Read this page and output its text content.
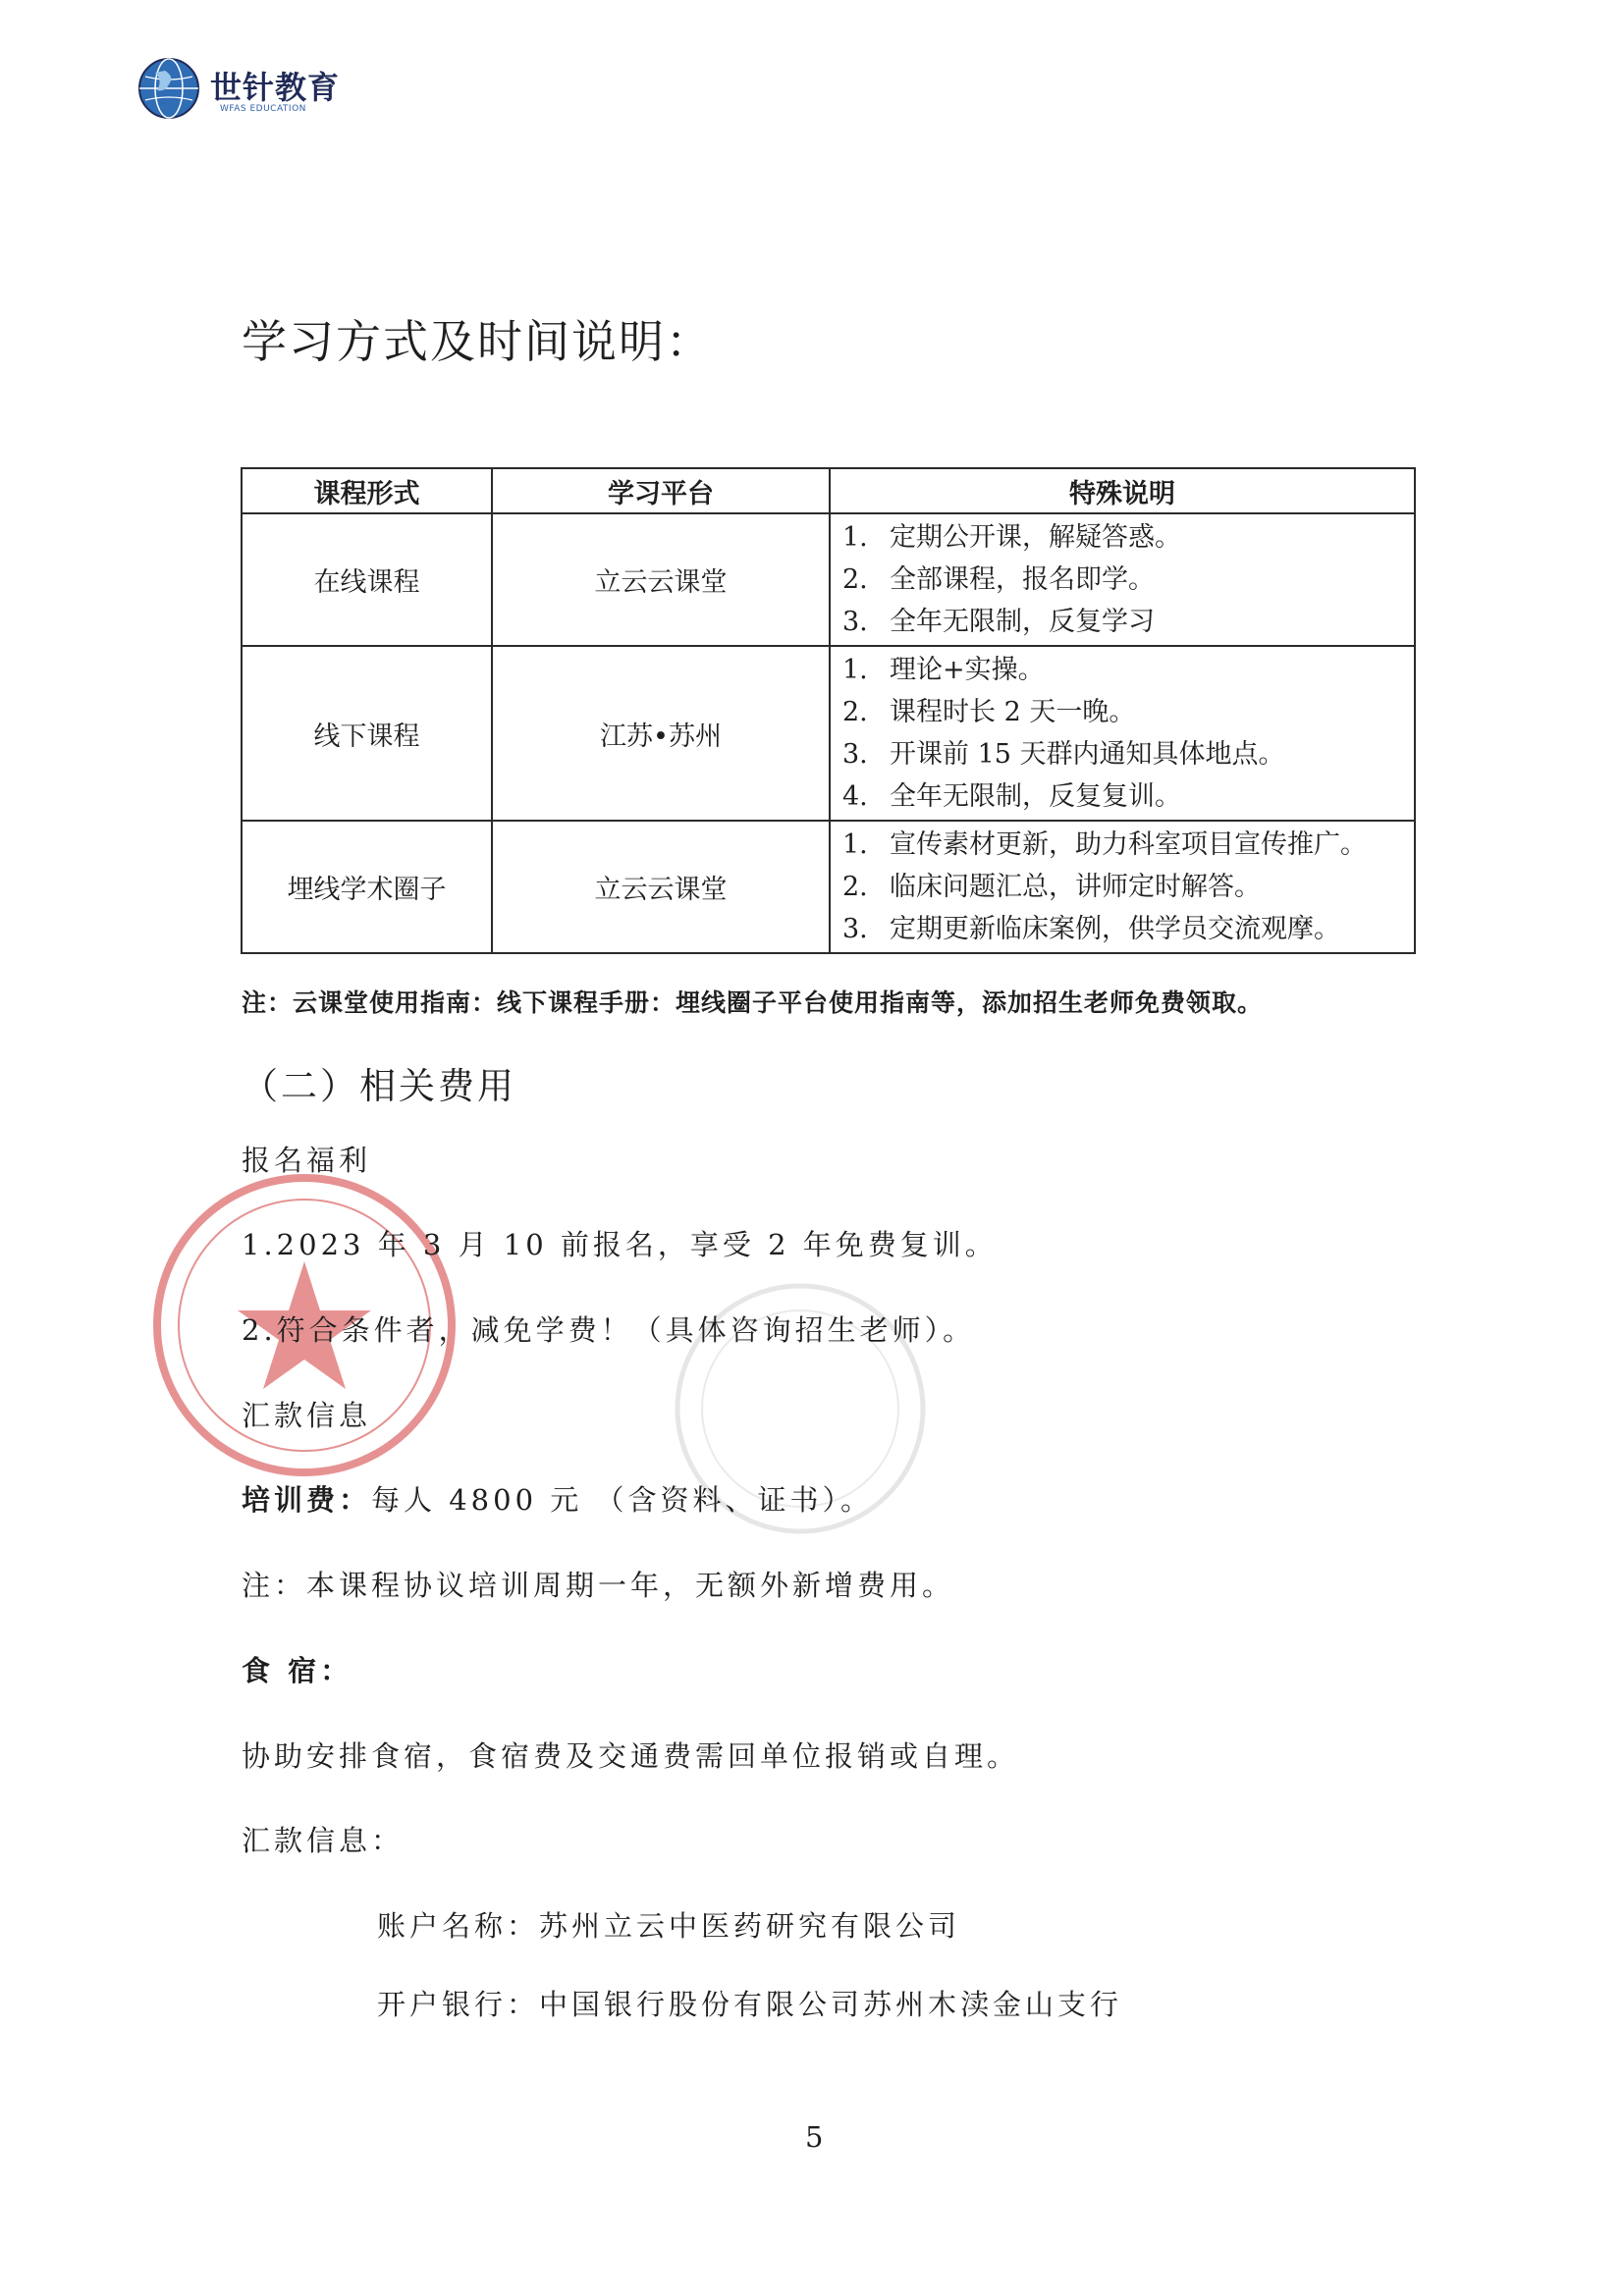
世针教育
WFAS EDUCATION
学习方式及时间说明：
课程形式	学习平台	特殊说明
在线课程	立云云课堂	1. 定期公开课，解疑答惑。
2. 全部课程，报名即学。
3. 全年无限制，反复学习

线下课程	江苏•苏州	1. 理论+实操。
2. 课程时长 2 天一晚。
3. 开课前 15 天群内通知具体地点。
4. 全年无限制，反复复训。

埋线学术圈子	立云云课堂	1. 宣传素材更新，助力科室项目宣传推广。
2. 临床问题汇总，讲师定时解答。
3. 定期更新临床案例，供学员交流观摩。
注：云课堂使用指南：线下课程手册：埋线圈子平台使用指南等，添加招生老师免费领取。
（二）相关费用
报名福利
1.2023 年 3 月 10 前报名，享受 2 年免费复训。
2.符合条件者，减免学费！（具体咨询招生老师）。
汇款信息
培训费：每人 4800 元 （含资料、证书）。
注：本课程协议培训周期一年，无额外新增费用。
食 宿：
协助安排食宿，食宿费及交通费需回单位报销或自理。
汇款信息：
账户名称：苏州立云中医药研究有限公司
开户银行：中国银行股份有限公司苏州木渎金山支行
5
